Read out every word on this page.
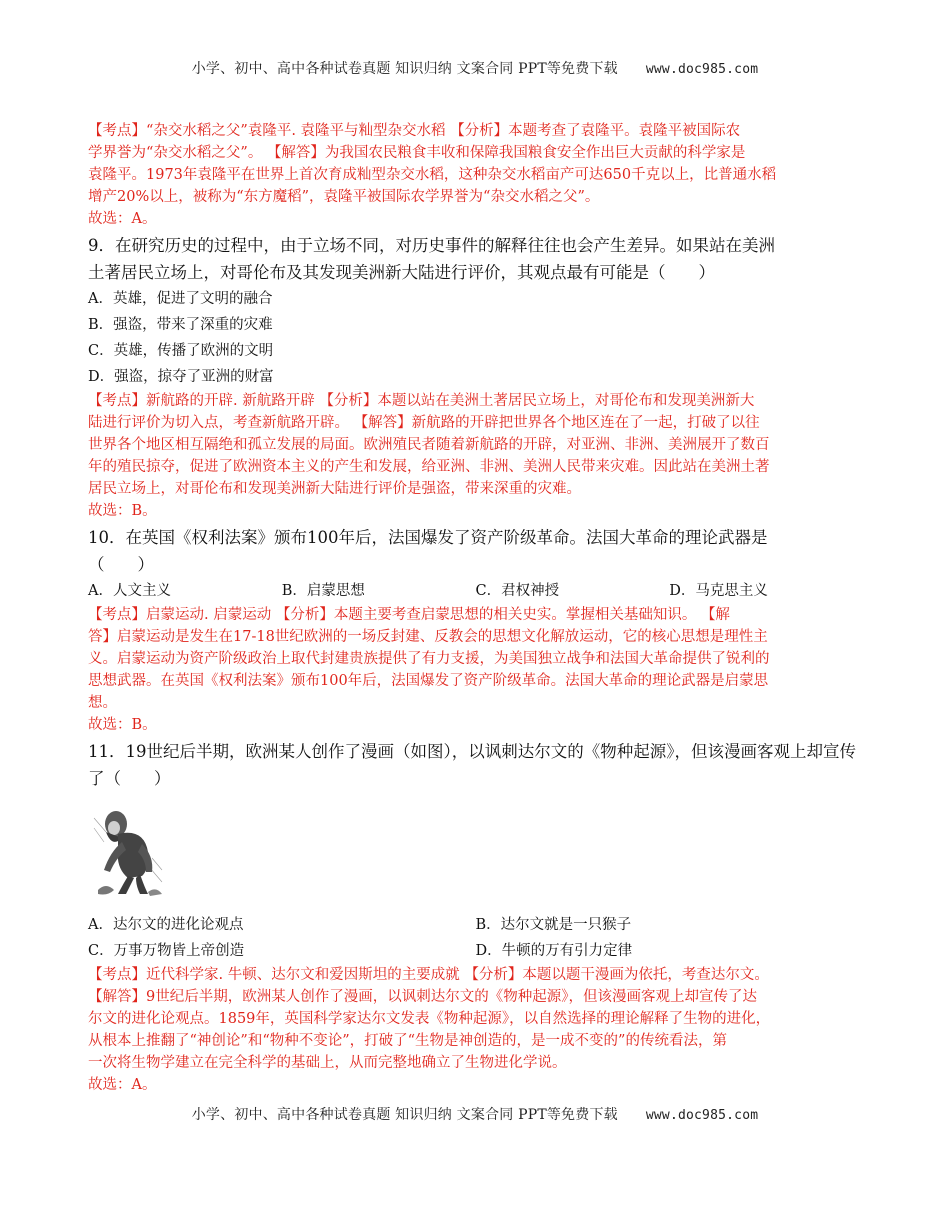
小学、初中、高中各种试卷真题 知识归纳 文案合同 PPT等免费下载 www.doc985.com

【考点】“杂交水稻之父”袁隆平. 袁隆平与籼型杂交水稻 【分析】本题考查了袁隆平。袁隆平被国际农

学界誉为“杂交水稻之父”。 【解答】为我国农民粮食丰收和保障我国粮食安全作出巨大贡献的科学家是

袁隆平。1973年袁隆平在世界上首次育成籼型杂交水稻，这种杂交水稻亩产可达650千克以上，比普通水稻

增产20%以上，被称为“东方魔稻”，袁隆平被国际农学界誉为“杂交水稻之父”。

故选：A。

9．在研究历史的过程中，由于立场不同，对历史事件的解释往往也会产生差异。如果站在美洲

土著居民立场上，对哥伦布及其发现美洲新大陆进行评价，其观点最有可能是（　　）

A．英雄，促进了文明的融合

B．强盗，带来了深重的灾难

C．英雄，传播了欧洲的文明

D．强盗，掠夺了亚洲的财富

【考点】新航路的开辟. 新航路开辟 【分析】本题以站在美洲土著居民立场上，对哥伦布和发现美洲新大

陆进行评价为切入点，考查新航路开辟。 【解答】新航路的开辟把世界各个地区连在了一起，打破了以往

世界各个地区相互隔绝和孤立发展的局面。欧洲殖民者随着新航路的开辟，对亚洲、非洲、美洲展开了数百

年的殖民掠夺，促进了欧洲资本主义的产生和发展，给亚洲、非洲、美洲人民带来灾难。因此站在美洲土著

居民立场上，对哥伦布和发现美洲新大陆进行评价是强盗，带来深重的灾难。

故选：B。

10．在英国《权利法案》颁布100年后，法国爆发了资产阶级革命。法国大革命的理论武器是

（　　）

A．人文主义	B．启蒙思想	C．君权神授	D．马克思主义

【考点】启蒙运动. 启蒙运动 【分析】本题主要考查启蒙思想的相关史实。掌握相关基础知识。 【解

答】启蒙运动是发生在17-18世纪欧洲的一场反封建、反教会的思想文化解放运动，它的核心思想是理性主

义。启蒙运动为资产阶级政治上取代封建贵族提供了有力支援，为美国独立战争和法国大革命提供了锐利的

思想武器。在英国《权利法案》颁布100年后，法国爆发了资产阶级革命。法国大革命的理论武器是启蒙思

想。

故选：B。

11．19世纪后半期，欧洲某人创作了漫画（如图），以讽刺达尔文的《物种起源》，但该漫画客观上却宣传

了（　　）

A．达尔文的进化论观点	B．达尔文就是一只猴子
C．万事万物皆上帝创造	D．牛顿的万有引力定律

【考点】近代科学家. 牛顿、达尔文和爱因斯坦的主要成就 【分析】本题以题干漫画为依托，考查达尔文。

【解答】9世纪后半期，欧洲某人创作了漫画，以讽刺达尔文的《物种起源》，但该漫画客观上却宣传了达

尔文的进化论观点。1859年，英国科学家达尔文发表《物种起源》，以自然选择的理论解释了生物的进化，

从根本上推翻了“神创论”和“物种不变论”，打破了“生物是神创造的，是一成不变的”的传统看法，第

一次将生物学建立在完全科学的基础上，从而完整地确立了生物进化学说。

故选：A。

小学、初中、高中各种试卷真题 知识归纳 文案合同 PPT等免费下载 www.doc985.com
